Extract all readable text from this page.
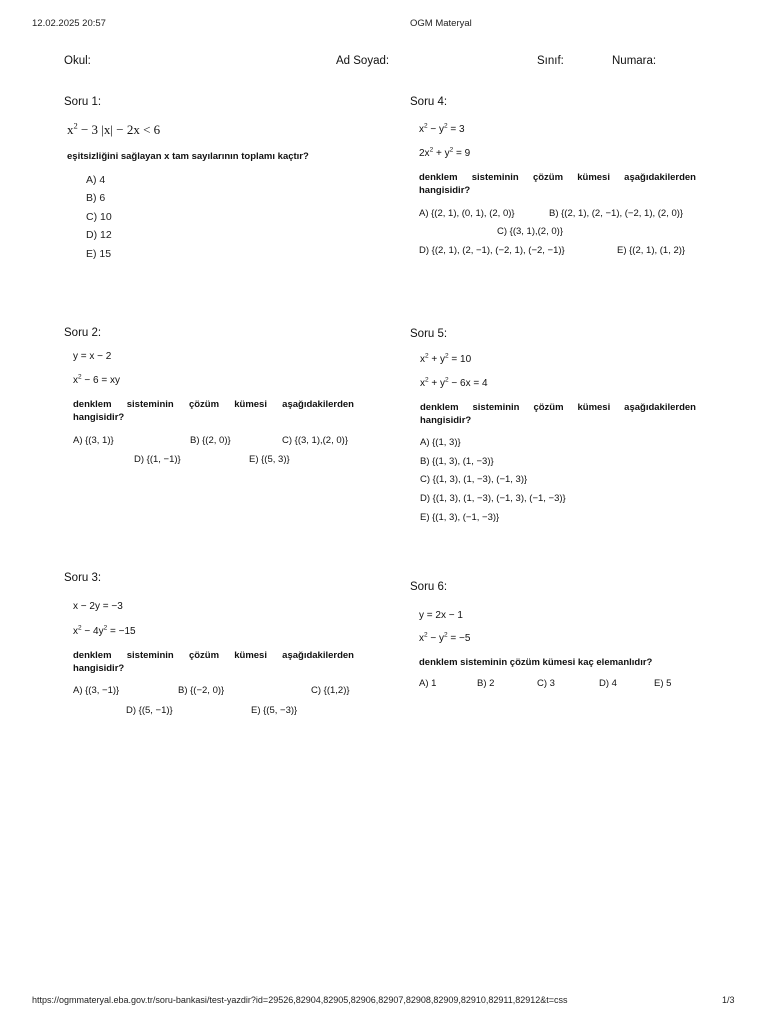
12.02.2025 20:57	OGM Materyal
Okul:	Ad Soyad:	Sınıf:	Numara:
Soru 1:
$x^2 - 3$ |x| − 2x < 6
eşitsizliğini sağlayan x tam sayılarının toplamı kaçtır?
A) 4
B) 6
C) 10
D) 12
E) 15
Soru 4:
$x^2 - y^2 = 3$
$2x^2 + y^2 = 9$
denklem sisteminin çözüm kümesi aşağıdakilerden hangisidir?
A) {(2, 1), (0, 1), (2, 0)}	B) {(2, 1), (2, −1), (−2, 1), (2, 0)}
C) {(3, 1),(2, 0)}
D) {(2, 1), (2, −1), (−2, 1), (−2, −1)}	E) {(2, 1), (1, 2)}
Soru 2:
y = x − 2
$x^2 - 6$ = xy
denklem sisteminin çözüm kümesi aşağıdakilerden hangisidir?
A) {(3, 1)}	B) {(2, 0)}	C) {(3, 1),(2, 0)}
D) {(1, −1)}	E) {(5, 3)}
Soru 5:
$x^2 + y^2 = 10$
$x^2 + y^2 - 6x = 4$
denklem sisteminin çözüm kümesi aşağıdakilerden hangisidir?
A) {(1, 3)}
B) {(1, 3), (1, −3)}
C) {(1, 3), (1, −3), (−1, 3)}
D) {(1, 3), (1, −3), (−1, 3), (−1, −3)}
E) {(1, 3), (−1, −3)}
Soru 3:
x − 2y = −3
$x^2 - 4y^2 = -15$
denklem sisteminin çözüm kümesi aşağıdakilerden hangisidir?
A) {(3, −1)}	B) {(−2, 0)}	C) {(1,2)}
D) {(5, −1)}	E) {(5, −3)}
Soru 6:
y = 2x − 1
$x^2 - y^2 = -5$
denklem sisteminin çözüm kümesi kaç elemanlıdır?
A) 1	B) 2	C) 3	D) 4	E) 5
https://ogmmateryal.eba.gov.tr/soru-bankasi/test-yazdir?id=29526,82904,82905,82906,82907,82908,82909,82910,82911,82912&t=css	1/3
